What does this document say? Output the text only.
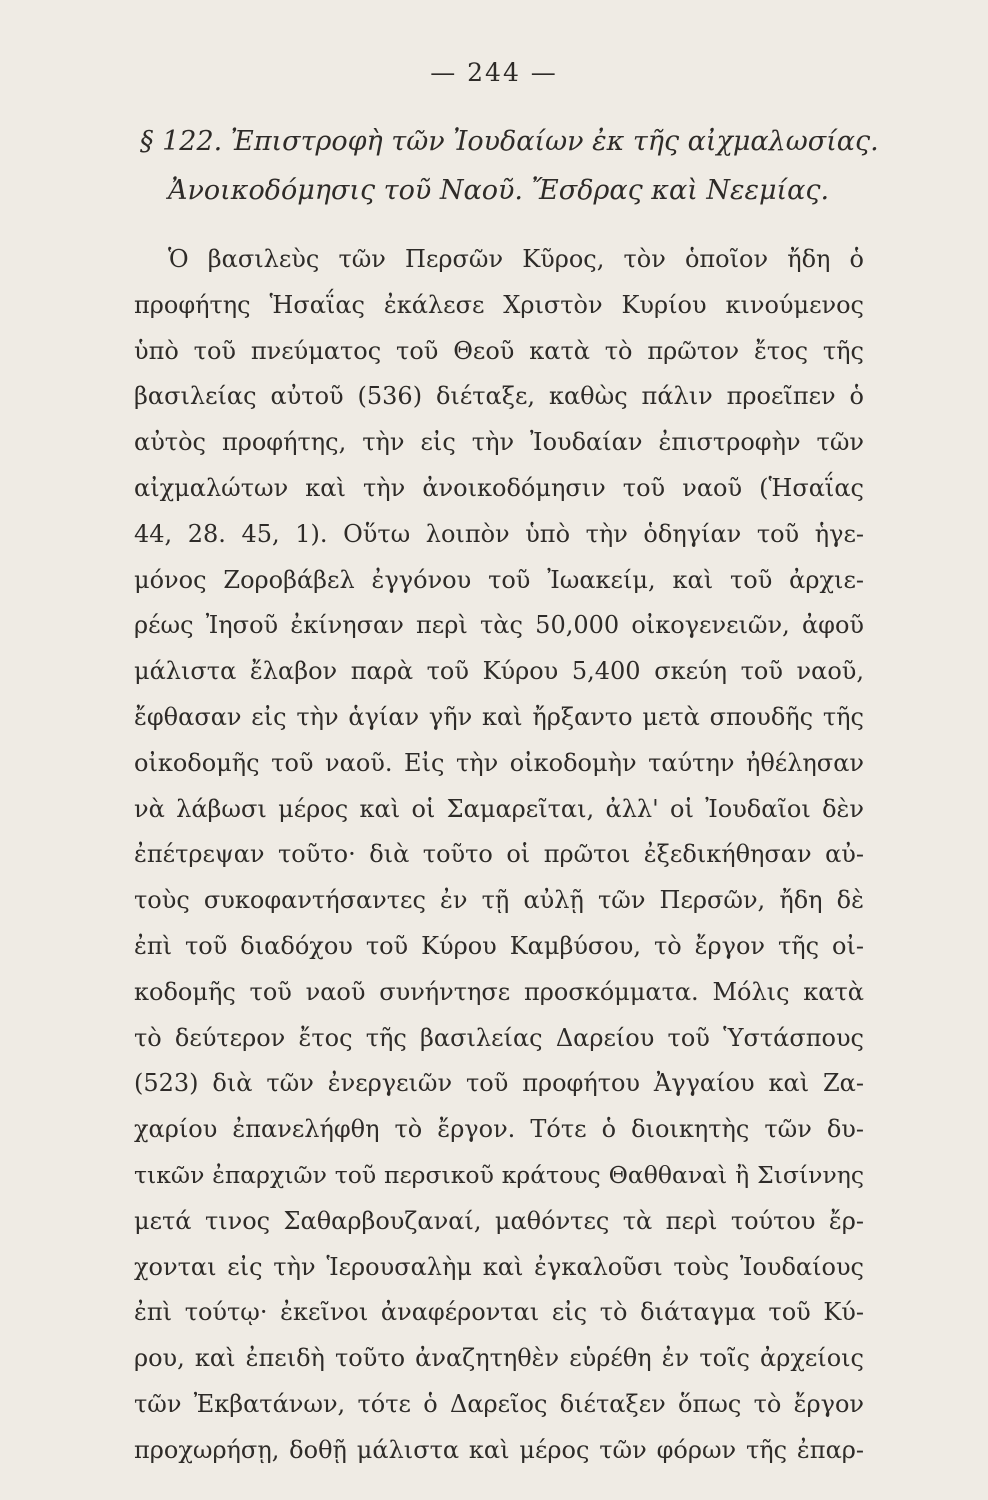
— 244 —
§ 122. Ἐπιστροφὴ τῶν Ἰουδαίων ἐκ τῆς αἰχμαλωσίας.
Ἀνοικοδόμησις τοῦ Ναοῦ. Ἔσδρας καὶ Νεεμίας.
Ὁ βασιλεὺς τῶν Περσῶν Κῦρος, τὸν ὁποῖον ἤδη ὁ
προφήτης Ἡσαΐας ἐκάλεσε Χριστὸν Κυρίου κινούμενος
ὑπὸ τοῦ πνεύματος τοῦ Θεοῦ κατὰ τὸ πρῶτον ἔτος τῆς
βασιλείας αὐτοῦ (536) διέταξε, καθὼς πάλιν προεῖπεν ὁ
αὐτὸς προφήτης, τὴν εἰς τὴν Ἰουδαίαν ἐπιστροφὴν τῶν
αἰχμαλώτων καὶ τὴν ἀνοικοδόμησιν τοῦ ναοῦ (Ἡσαΐας
44, 28. 45, 1). Οὕτω λοιπὸν ὑπὸ τὴν ὁδηγίαν τοῦ ἡγε-
μόνος Ζοροβάβελ ἐγγόνου τοῦ Ἰωακείμ, καὶ τοῦ ἀρχιε-
ρέως Ἰησοῦ ἐκίνησαν περὶ τὰς 50,000 οἰκογενειῶν, ἀφοῦ
μάλιστα ἔλαβον παρὰ τοῦ Κύρου 5,400 σκεύη τοῦ ναοῦ,
ἔφθασαν εἰς τὴν ἁγίαν γῆν καὶ ἤρξαντο μετὰ σπουδῆς τῆς
οἰκοδομῆς τοῦ ναοῦ. Εἰς τὴν οἰκοδομὴν ταύτην ἠθέλησαν
νὰ λάβωσι μέρος καὶ οἱ Σαμαρεῖται, ἀλλ' οἱ Ἰουδαῖοι δὲν
ἐπέτρεψαν τοῦτο· διὰ τοῦτο οἱ πρῶτοι ἐξεδικήθησαν αὐ-
τοὺς συκοφαντήσαντες ἐν τῇ αὐλῇ τῶν Περσῶν, ἤδη δὲ
ἐπὶ τοῦ διαδόχου τοῦ Κύρου Καμβύσου, τὸ ἔργον τῆς οἰ-
κοδομῆς τοῦ ναοῦ συνήντησε προσκόμματα. Μόλις κατὰ
τὸ δεύτερον ἔτος τῆς βασιλείας Δαρείου τοῦ Ὑστάσπους
(523) διὰ τῶν ἐνεργειῶν τοῦ προφήτου Ἀγγαίου καὶ Ζα-
χαρίου ἐπανελήφθη τὸ ἔργον. Τότε ὁ διοικητὴς τῶν δυ-
τικῶν ἐπαρχιῶν τοῦ περσικοῦ κράτους Θαθθαναὶ ἢ Σισίννης
μετά τινος Σαθαρβουζαναί, μαθόντες τὰ περὶ τούτου ἔρ-
χονται εἰς τὴν Ἱερουσαλὴμ καὶ ἐγκαλοῦσι τοὺς Ἰουδαίους
ἐπὶ τούτῳ· ἐκεῖνοι ἀναφέρονται εἰς τὸ διάταγμα τοῦ Κύ-
ρου, καὶ ἐπειδὴ τοῦτο ἀναζητηθὲν εὑρέθη ἐν τοῖς ἀρχείοις
τῶν Ἐκβατάνων, τότε ὁ Δαρεῖος διέταξεν ὅπως τὸ ἔργον
προχωρήσῃ, δοθῇ μάλιστα καὶ μέρος τῶν φόρων τῆς ἐπαρ-
